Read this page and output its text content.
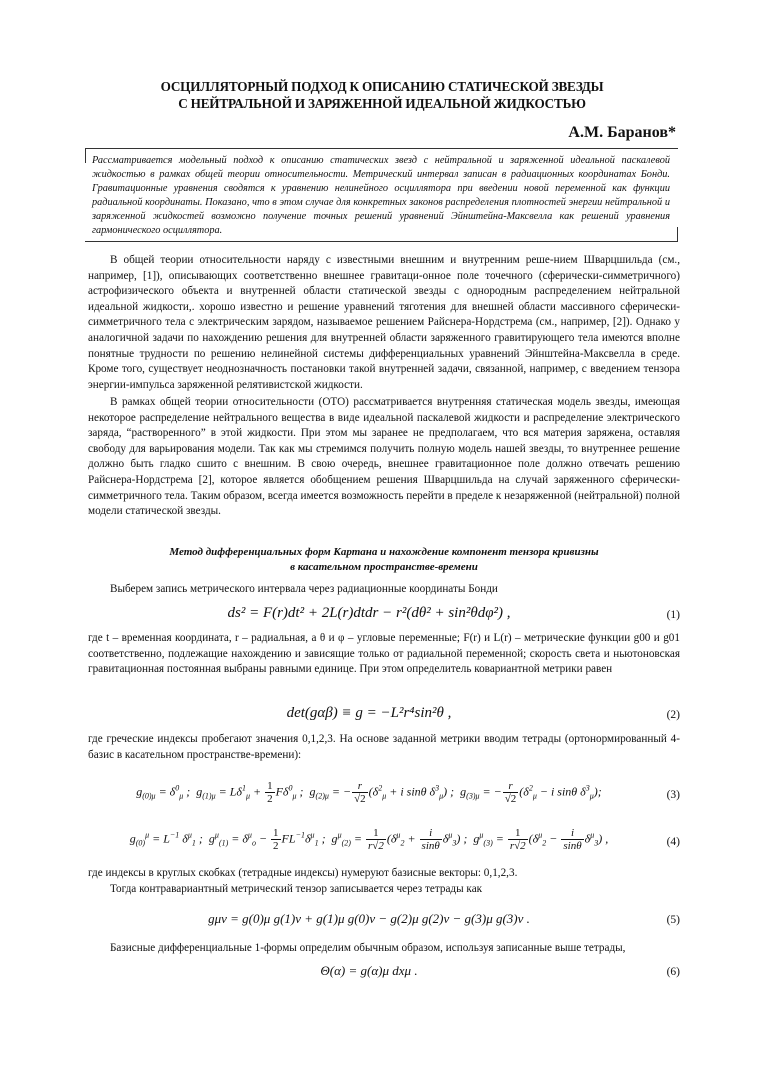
ОСЦИЛЛЯТОРНЫЙ ПОДХОД К ОПИСАНИЮ СТАТИЧЕСКОЙ ЗВЕЗДЫ
С НЕЙТРАЛЬНОЙ И ЗАРЯЖЕННОЙ ИДЕАЛЬНОЙ ЖИДКОСТЬЮ
А.М. Баранов*
Рассматривается модельный подход к описанию статических звезд с нейтральной и заряженной идеальной паскалевой жидкостью в рамках общей теории относительности. Метрический интервал записан в радиационных координатах Бонди. Гравитационные уравнения сводятся к уравнению нелинейного осциллятора при введении новой переменной как функции радиальной координаты. Показано, что в этом случае для конкретных законов распределения плотностей энергии нейтральной и заряженной жидкостей возможно получение точных решений уравнений Эйнштейна-Максвелла как решений уравнения гармонического осциллятора.

В общей теории относительности наряду с известными внешним и внутренним реше-нием Шварцшильда (см., например, [1]), описывающих соответственно внешнее гравитаци-онное поле точечного (сферически-симметричного) астрофизического объекта и внутренней области статической звезды с однородным распределением нейтральной идеальной жидкости,. хорошо известно и решение уравнений тяготения для внешней области массивного сферически-симметричного тела с электрическим зарядом, называемое решением Райснера-Нордстрема (см., например, [2]). Однако у аналогичной задачи по нахождению решения для внутренней области заряженного гравитирующего тела имеются вполне понятные трудности по решению нелинейной системы дифференциальных уравнений Эйнштейна-Максвелла в среде. Кроме того, существует неоднозначность постановки такой внутренней задачи, связанной, например, с введением тензора энергии-импульса заряженной релятивистской жидкости.

В рамках общей теории относительности (ОТО) рассматривается внутренняя статическая модель звезды, имеющая некоторое распределение нейтрального вещества в виде идеальной паскалевой жидкости и распределение электрического заряда, “растворенного” в этой жидкости. При этом мы заранее не предполагаем, что вся материя заряжена, оставляя свободу для варьирования модели. Так как мы стремимся получить полную модель нашей звезды, то внутреннее решение должно быть гладко сшито с внешним. В свою очередь, внешнее гравитационное поле должно отвечать решению Райснера-Нордстрема [2], которое является обобщением решения Шварцшильда на случай заряженного сферически-симметричного тела. Таким образом, всегда имеется возможность перейти в пределе к незаряженной (нейтральной) полной модели статической звезды.

Метод дифференциальных форм Картана и нахождение компонент тензора кривизны
в касательном пространстве-времени
Выберем запись метрического интервала через радиационные координаты Бонди
ds² = F(r)dt² + 2L(r)dtdr − r²(dθ² + sin²θdφ²) ,	(1)
где t – временная координата, r – радиальная, а θ и φ – угловые переменные; F(r) и L(r) – метрические функции g00 и g01 соответственно, подлежащие нахождению и зависящие только от радиальной переменной; скорость света и ньютоновская гравитационная постоянная выбраны равными единице. При этом определитель ковариантной метрики равен
det(gαβ) ≡ g = −L²r⁴sin²θ ,	(2)
где греческие индексы пробегают значения 0,1,2,3. На основе заданной метрики вводим тетрады (ортонормированный 4-базис в касательном пространстве-времени):
$g_{(0)\mu} = \delta^0_\mu$ ;  $g_{(1)\mu} = L\delta^1_\mu + \frac{1}{2} F\delta^0_\mu$ ;  $g_{(2)\mu}$ = − $\frac{r}{√2} (\delta^2_\mu + i$ sinθ $\delta^3_\mu$) ;  $g_{(3)\mu}$ = − $\frac{r}{√2} (\delta^2_\mu - i$ sinθ $\delta^3_\mu$);	(3)
$g_{(0)}^\mu = L^{-1}$ $\delta^\mu_1$ ;  $g^\mu_{(1)} = \delta^\mu_o - \frac{1}{2} FL^{-1}\delta^\mu_1$ ;  $g^\mu_{(2)} = \frac{1}{r√2} (\delta^\mu_2 + \frac{i}{\sin\theta} \delta^\mu_3)$ ;  $g^\mu_{(3)} = \frac{1}{r√2} (\delta^\mu_2 - \frac{i}{\sin\theta} \delta^\mu_3)$ ,	(4)
где индексы в круглых скобках (тетрадные индексы) нумеруют базисные векторы: 0,1,2,3.
Тогда контравариантный метрический тензор записывается через тетрады как
gμν = g(0)μ g(1)ν + g(1)μ g(0)ν − g(2)μ g(2)ν − g(3)μ g(3)ν .	(5)
Базисные дифференциальные 1-формы определим обычным образом, используя записанные выше тетрады,
Θ(α) = g(α)μ dxμ .	(6)
